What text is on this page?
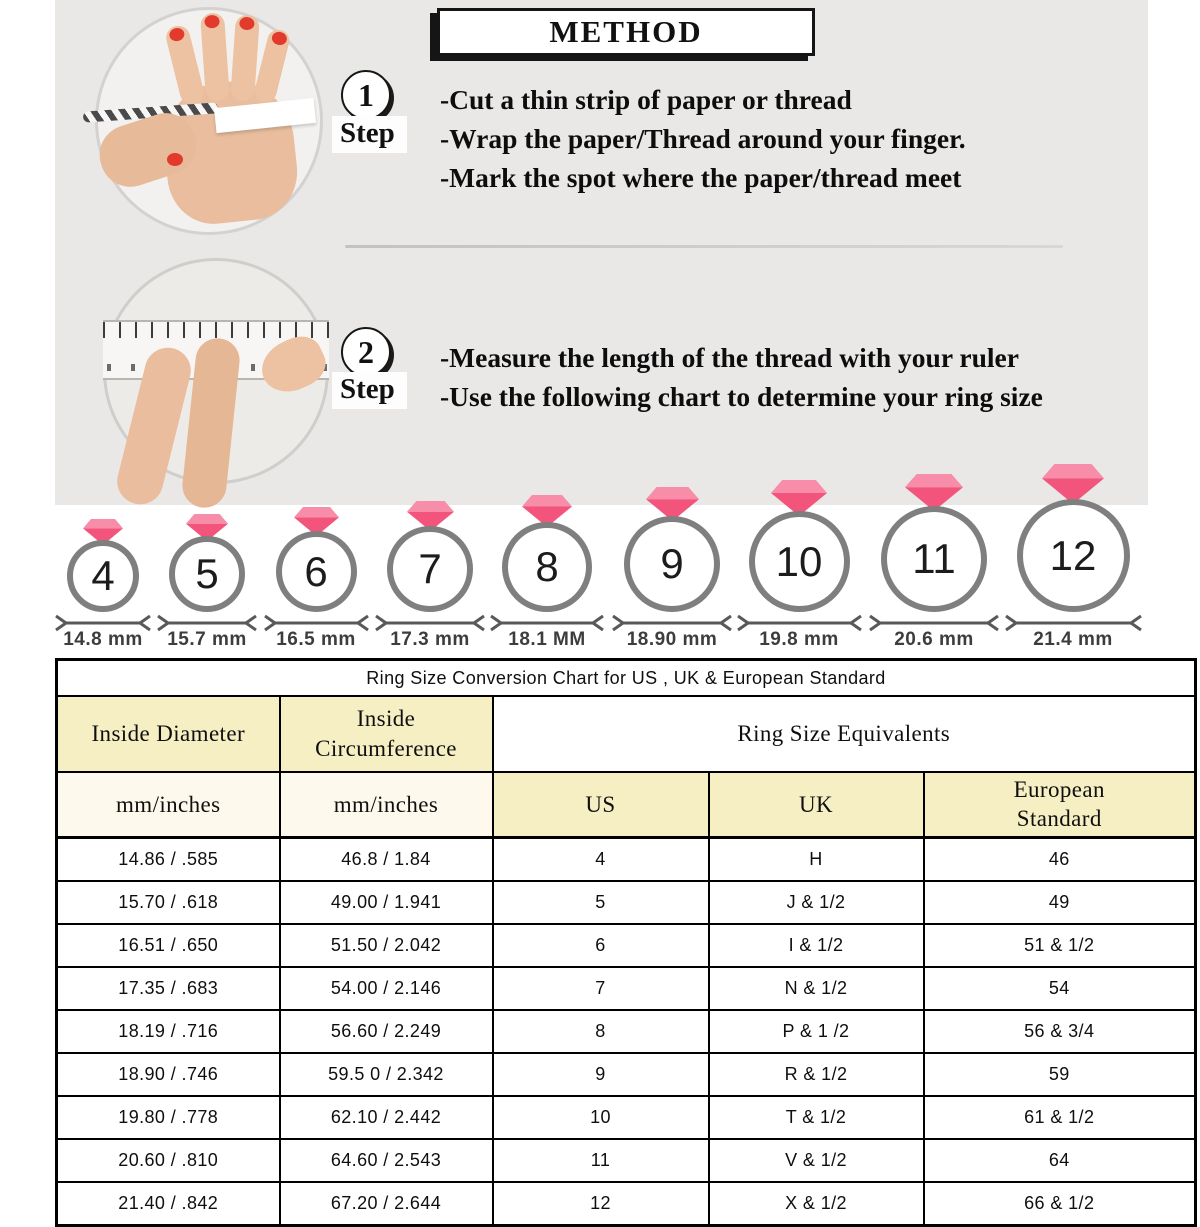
METHOD
1
Step
-Cut a thin strip of paper or thread
-Wrap the paper/Thread around your finger.
-Mark the spot where the paper/thread meet
2
Step
-Measure the length of the thread with your ruler
-Use the following chart to determine your ring size
4
14.8 mm
5
15.7 mm
6
16.5 mm
7
17.3 mm
8
18.1 MM
9
18.90 mm
10
19.8 mm
11
20.6 mm
12
21.4 mm
Ring Size Conversion Chart for US , UK & European Standard				
Inside Diameter	Inside Circumference	Ring Size Equivalents		
mm/inches	mm/inches	US	UK	European Standard
14.86 / .585	46.8 / 1.84	4	H	46
15.70 / .618	49.00 / 1.941	5	J & 1/2	49
16.51 / .650	51.50 / 2.042	6	I & 1/2	51 & 1/2
17.35 / .683	54.00 / 2.146	7	N & 1/2	54
18.19 / .716	56.60 / 2.249	8	P & 1 /2	56 & 3/4
18.90 / .746	59.5 0 / 2.342	9	R & 1/2	59
19.80 / .778	62.10 / 2.442	10	T & 1/2	61 & 1/2
20.60 / .810	64.60 / 2.543	11	V & 1/2	64
21.40 / .842	67.20 / 2.644	12	X & 1/2	66 & 1/2
